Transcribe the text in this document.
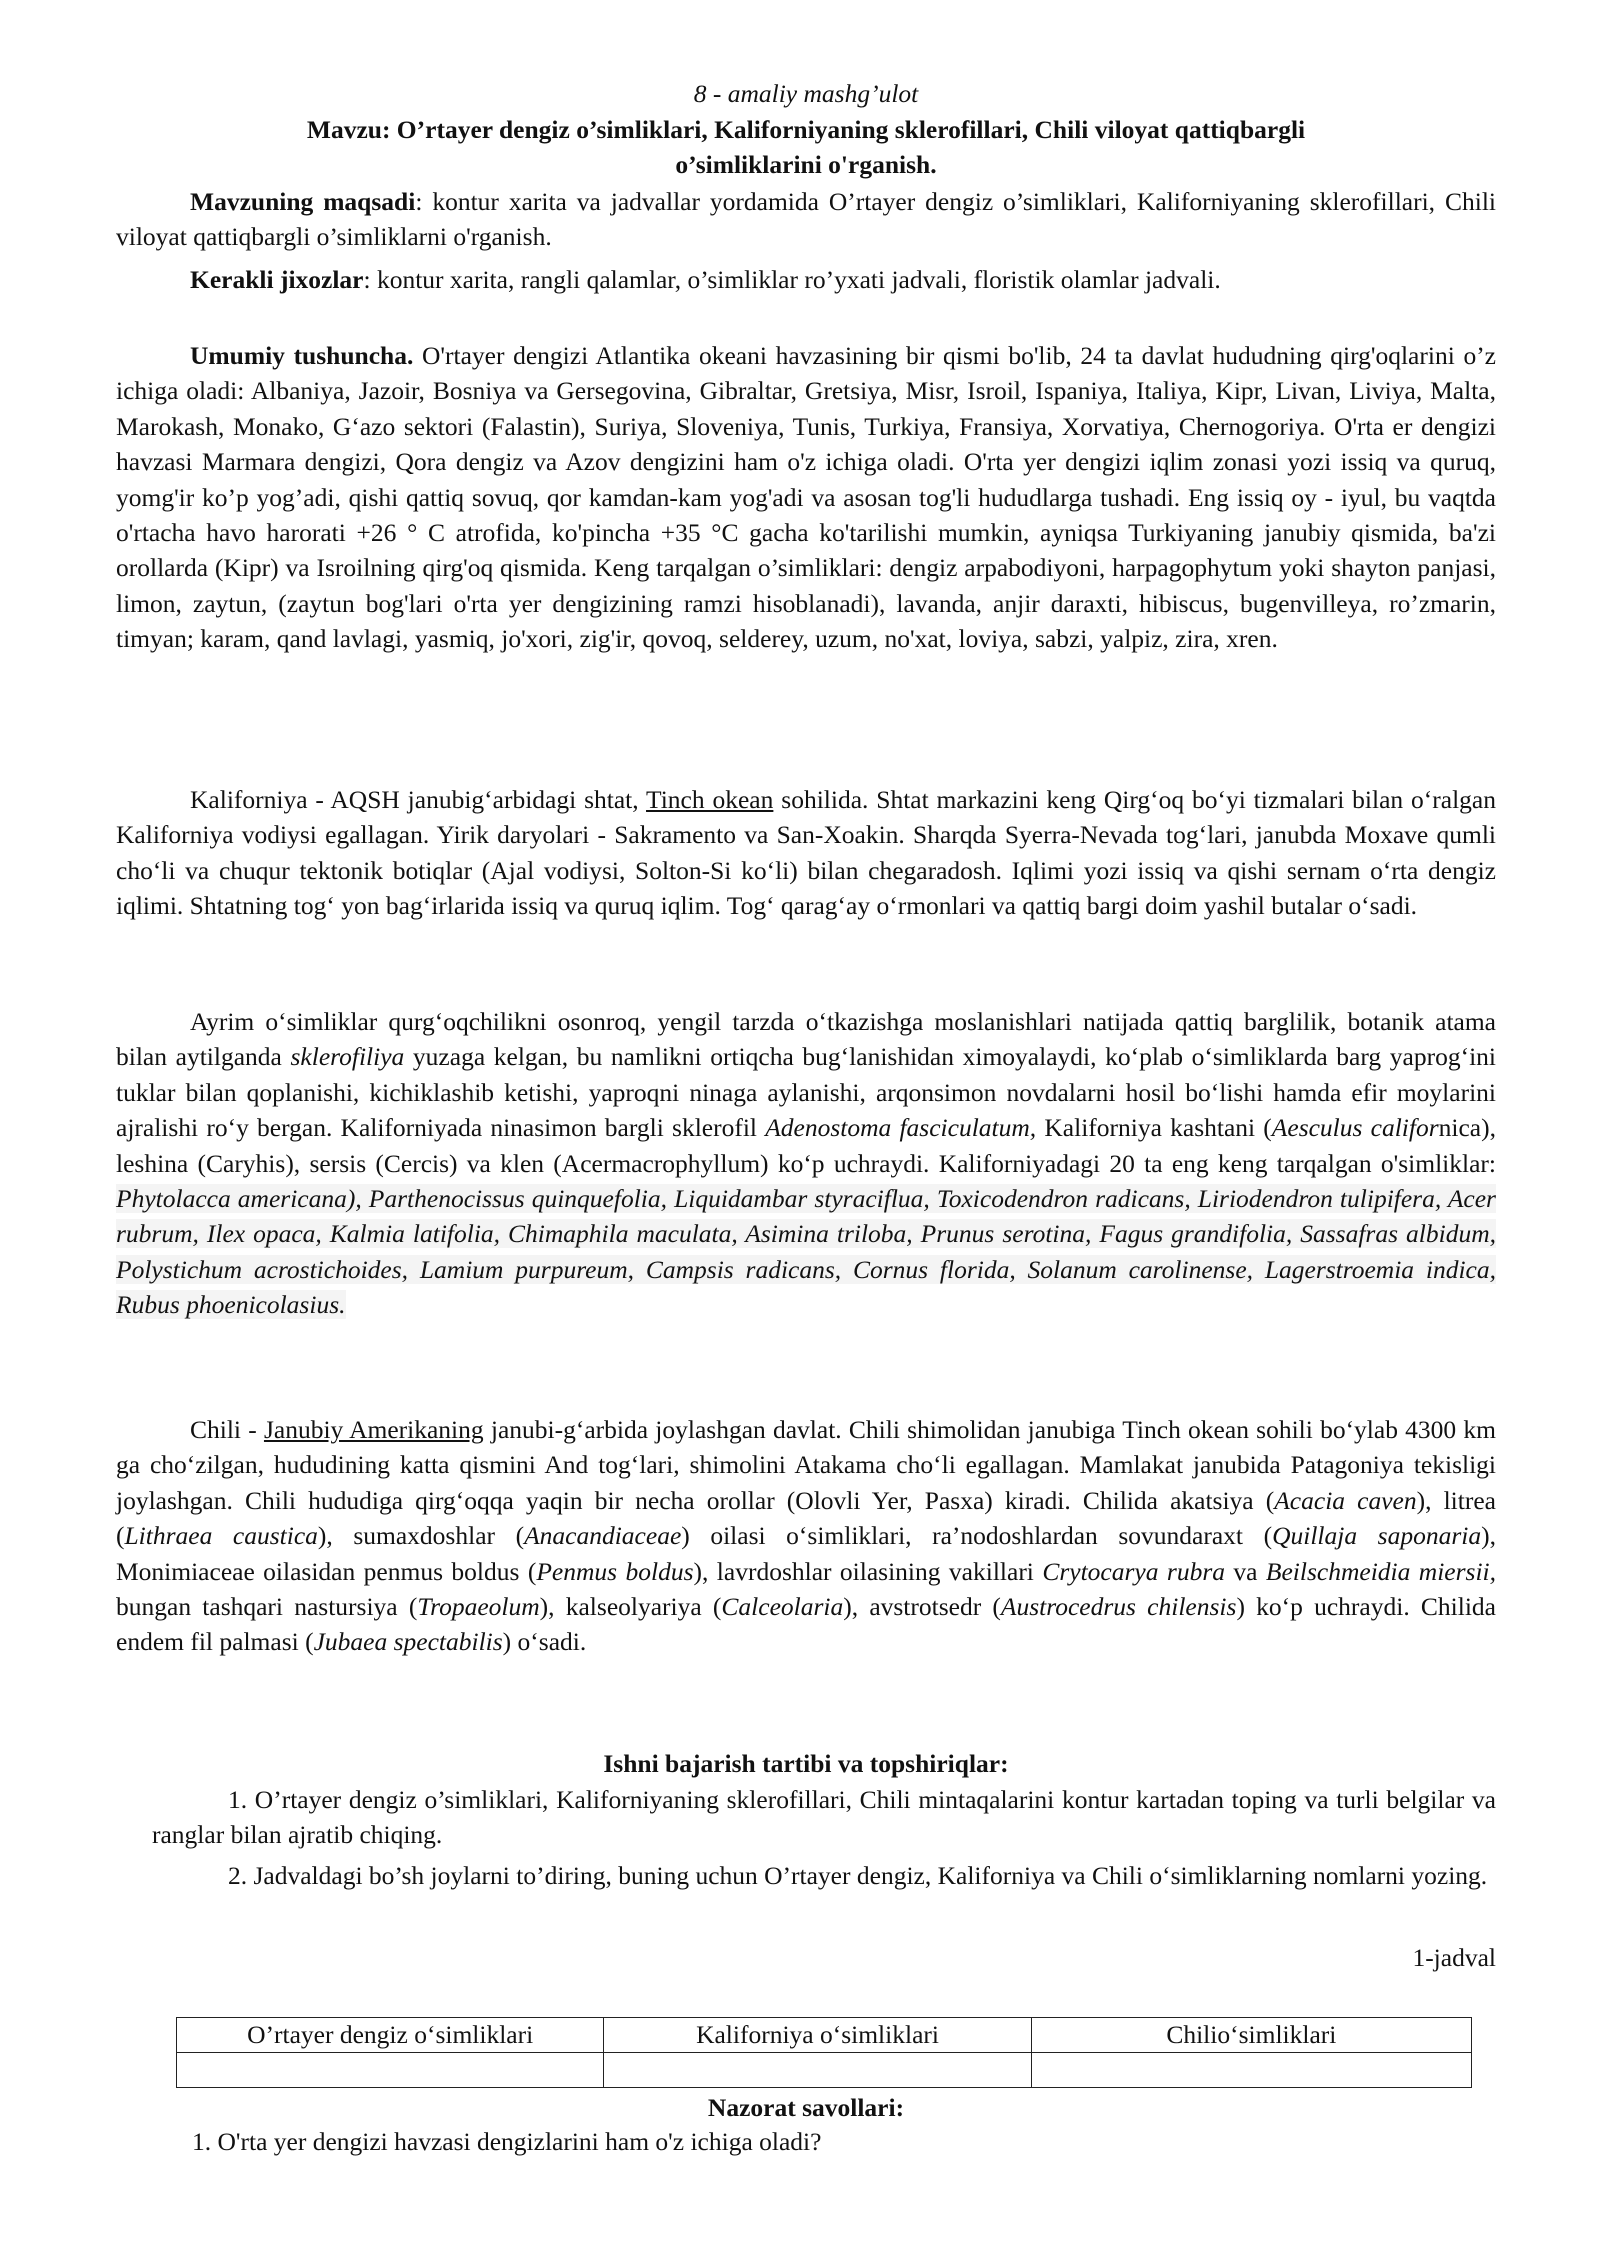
8 - amaliy mashg’ulot

Mavzu: O’rtayer dengiz o’simliklari, Kaliforniyaning sklerofillari, Chili viloyat qattiqbargli
o’simliklarini o'rganish.

Mavzuning maqsadi: kontur xarita va jadvallar yordamida O’rtayer dengiz o’simliklari, Kaliforniyaning sklerofillari, Chili viloyat qattiqbargli o’simliklarni o'rganish.

Kerakli jixozlar: kontur xarita, rangli qalamlar, o’simliklar ro’yxati jadvali, floristik olamlar jadvali.

Umumiy tushuncha. O'rtayer dengizi Atlantika okeani havzasining bir qismi bo'lib, 24 ta davlat hududning qirg'oqlarini o’z ichiga oladi: Albaniya, Jazoir, Bosniya va Gersegovina, Gibraltar, Gretsiya, Misr, Isroil, Ispaniya, Italiya, Kipr, Livan, Liviya, Malta, Marokash, Monako, G‘azo sektori (Falastin), Suriya, Sloveniya, Tunis, Turkiya, Fransiya, Xorvatiya, Chernogoriya. O'rta er dengizi havzasi Marmara dengizi, Qora dengiz va Azov dengizini ham o'z ichiga oladi. O'rta yer dengizi iqlim zonasi yozi issiq va quruq, yomg'ir ko’p yog’adi, qishi qattiq sovuq, qor kamdan-kam yog'adi va asosan tog'li hududlarga tushadi. Eng issiq oy - iyul, bu vaqtda o'rtacha havo harorati +26 ° C atrofida, ko'pincha +35 °C gacha ko'tarilishi mumkin, ayniqsa Turkiyaning janubiy qismida, ba'zi orollarda (Kipr) va Isroilning qirg'oq qismida. Keng tarqalgan o’simliklari: dengiz arpabodiyoni, harpagophytum yoki shayton panjasi, limon, zaytun, (zaytun bog'lari o'rta yer dengizining ramzi hisoblanadi), lavanda, anjir daraxti, hibiscus, bugenvilleya, ro’zmarin, timyan; karam, qand lavlagi, yasmiq, jo'xori, zig'ir, qovoq, selderey, uzum, no'xat, loviya, sabzi, yalpiz, zira, xren.

Kaliforniya - AQSH janubig‘arbidagi shtat, Tinch okean sohilida. Shtat markazini keng Qirg‘oq bo‘yi tizmalari bilan o‘ralgan Kaliforniya vodiysi egallagan. Yirik daryolari - Sakramento va San-Xoakin. Sharqda Syerra-Nevada tog‘lari, janubda Moxave qumli cho‘li va chuqur tektonik botiqlar (Ajal vodiysi, Solton-Si ko‘li) bilan chegaradosh. Iqlimi yozi issiq va qishi sernam o‘rta dengiz iqlimi. Shtatning tog‘ yon bag‘irlarida issiq va quruq iqlim. Tog‘ qarag‘ay o‘rmonlari va qattiq bargi doim yashil butalar o‘sadi.

Ayrim o‘simliklar qurg‘oqchilikni osonroq, yengil tarzda o‘tkazishga moslanishlari natijada qattiq barglilik, botanik atama bilan aytilganda sklerofiliya yuzaga kelgan, bu namlikni ortiqcha bug‘lanishidan ximoyalaydi, ko‘plab o‘simliklarda barg yaprog‘ini tuklar bilan qoplanishi, kichiklashib ketishi, yaproqni ninaga aylanishi, arqonsimon novdalarni hosil bo‘lishi hamda efir moylarini ajralishi ro‘y bergan. Kaliforniyada ninasimon bargli sklerofil Adenostoma fasciculatum, Kaliforniya kashtani (Aesculus californica), leshina (Caryhis), sersis (Cercis) va klen (Acermacrophyllum) ko‘p uchraydi. Kaliforniyadagi 20 ta eng keng tarqalgan o'simliklar: Phytolacca americana), Parthenocissus quinquefolia, Liquidambar styraciflua, Toxicodendron radicans, Liriodendron tulipifera, Acer rubrum, Ilex opaca, Kalmia latifolia, Chimaphila maculata, Asimina triloba, Prunus serotina, Fagus grandifolia, Sassafras albidum, Polystichum acrostichoides, Lamium purpureum, Campsis radicans, Cornus florida, Solanum carolinense, Lagerstroemia indica, Rubus phoenicolasius.

Chili - Janubiy Amerikaning janubi-g‘arbida joylashgan davlat. Chili shimolidan janubiga Tinch okean sohili bo‘ylab 4300 km ga cho‘zilgan, hududining katta qismini And tog‘lari, shimolini Atakama cho‘li egallagan. Mamlakat janubida Patagoniya tekisligi joylashgan. Chili hududiga qirg‘oqqa yaqin bir necha orollar (Olovli Yer, Pasxa) kiradi. Chilida akatsiya (Acacia caven), litrea (Lithraea caustica), sumaxdoshlar (Anacandiaceae) oilasi o‘simliklari, ra’nodoshlardan sovundaraxt (Quillaja saponaria), Monimiaceae oilasidan penmus boldus (Penmus boldus), lavrdoshlar oilasining vakillari Crytocarya rubra va Beilschmeidia miersii, bungan tashqari nastursiya (Tropaeolum), kalseolyariya (Calceolaria), avstrotsedr (Austrocedrus chilensis) ko‘p uchraydi. Chilida endem fil palmasi (Jubaea spectabilis) o‘sadi.

Ishni bajarish tartibi va topshiriqlar:

1. O’rtayer dengiz o’simliklari, Kaliforniyaning sklerofillari, Chili mintaqalarini kontur kartadan toping va turli belgilar va ranglar bilan ajratib chiqing.

2. Jadvaldagi bo’sh joylarni to’diring, buning uchun O’rtayer dengiz, Kaliforniya va Chili o‘simliklarning nomlarni yozing.

1-jadval

O’rtayer dengiz o‘simliklari	Kaliforniya o‘simliklari	Chilio‘simliklari

Nazorat savollari:

1. O'rta yer dengizi havzasi dengizlarini ham o'z ichiga oladi?
